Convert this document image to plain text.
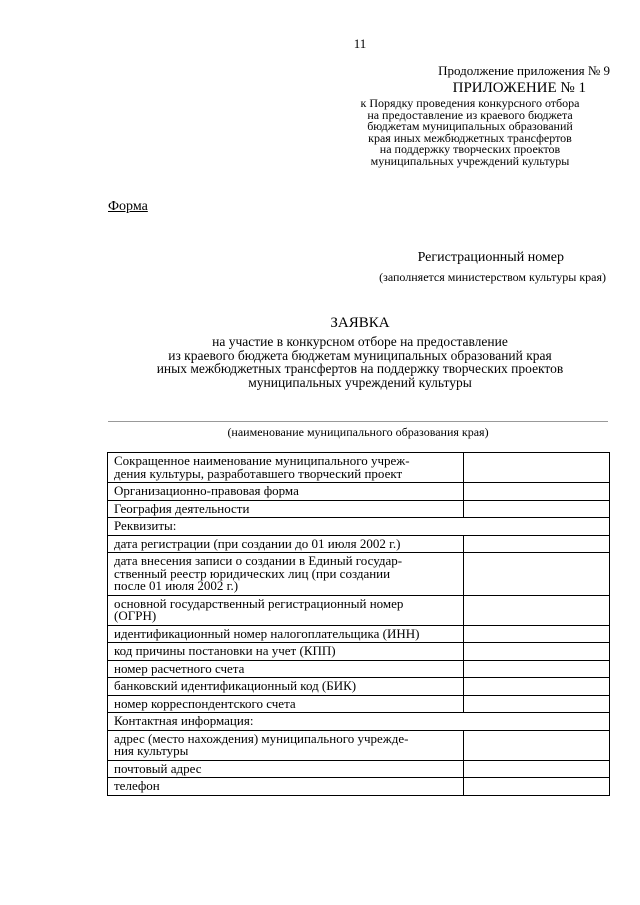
11
Продолжение приложения № 9
ПРИЛОЖЕНИЕ № 1
к Порядку проведения конкурсного отбора
на предоставление из краевого бюджета
бюджетам муниципальных образований
края иных межбюджетных трансфертов
на поддержку творческих проектов
муниципальных учреждений культуры
Форма
Регистрационный номер
(заполняется министерством культуры края)
ЗАЯВКА
на участие в конкурсном отборе на предоставление
из краевого бюджета бюджетам муниципальных образований края
иных межбюджетных трансфертов на поддержку творческих проектов
муниципальных учреждений культуры
(наименование муниципального образования края)
Сокращенное наименование муниципального учреж-
дения культуры, разработавшего творческий проект	
Организационно-правовая форма	
География деятельности	
Реквизиты:	
дата регистрации (при создании до 01 июля 2002 г.)	
дата внесения записи о создании в Единый государ-
ственный реестр юридических лиц (при создании
после 01 июля 2002 г.)	
основной государственный регистрационный номер
(ОГРН)	
идентификационный номер налогоплательщика (ИНН)	
код причины постановки на учет (КПП)	
номер расчетного счета	
банковский идентификационный код (БИК)	
номер корреспондентского счета	
Контактная информация:	
адрес (место нахождения) муниципального учрежде-
ния культуры	
почтовый адрес	
телефон	
